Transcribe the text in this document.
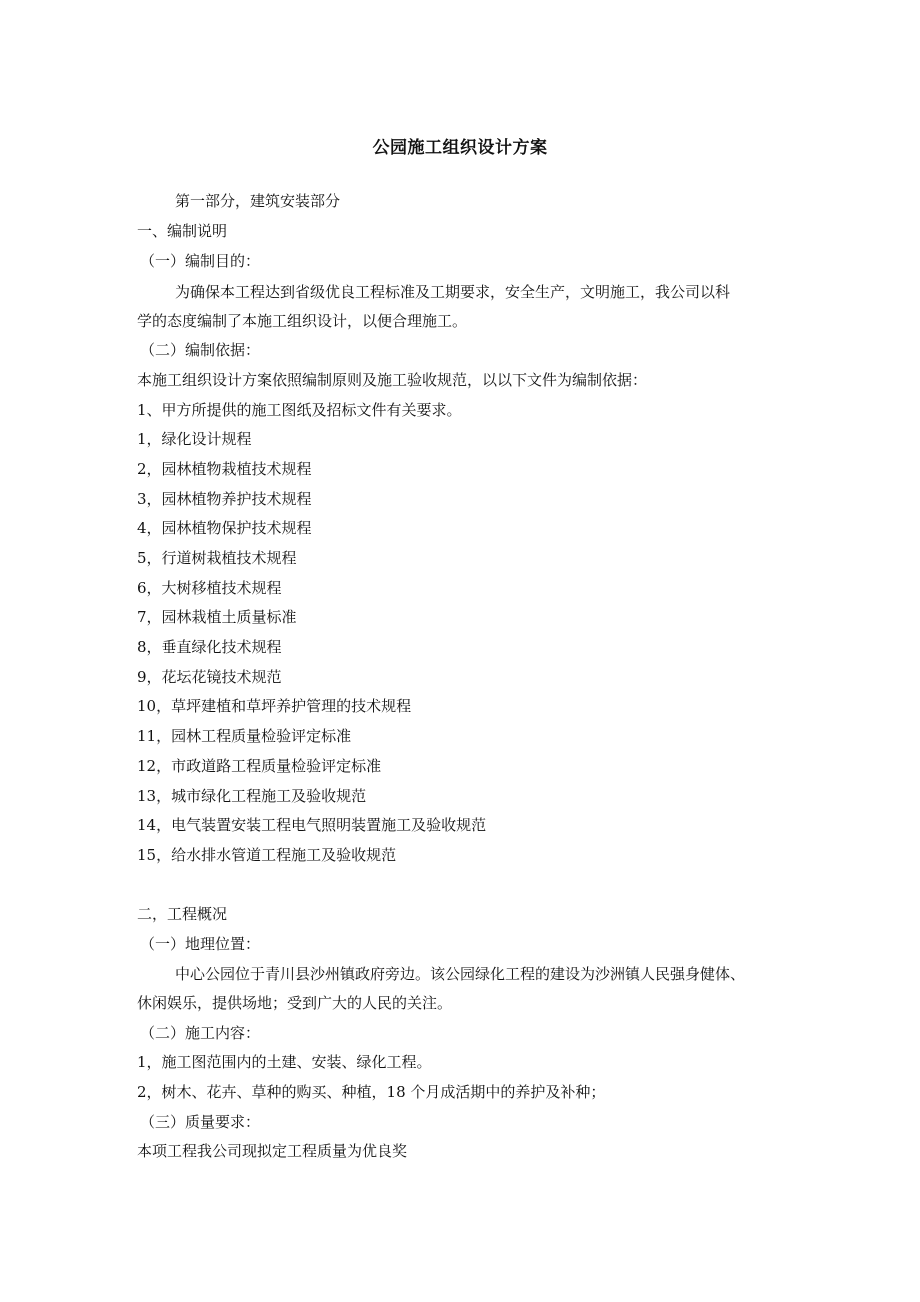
公园施工组织设计方案
第一部分，建筑安装部分
一、编制说明
（一）编制目的：
为确保本工程达到省级优良工程标准及工期要求，安全生产，文明施工，我公司以科
学的态度编制了本施工组织设计，以便合理施工。
（二）编制依据：
本施工组织设计方案依照编制原则及施工验收规范，以以下文件为编制依据：
1、甲方所提供的施工图纸及招标文件有关要求。
1，绿化设计规程
2，园林植物栽植技术规程
3，园林植物养护技术规程
4，园林植物保护技术规程
5，行道树栽植技术规程
6，大树移植技术规程
7，园林栽植土质量标准
8，垂直绿化技术规程
9，花坛花镜技术规范
10，草坪建植和草坪养护管理的技术规程
11，园林工程质量检验评定标准
12，市政道路工程质量检验评定标准
13，城市绿化工程施工及验收规范
14，电气装置安装工程电气照明装置施工及验收规范
15，给水排水管道工程施工及验收规范
二，工程概况
（一）地理位置：
中心公园位于青川县沙州镇政府旁边。该公园绿化工程的建设为沙洲镇人民强身健体、
休闲娱乐，提供场地；受到广大的人民的关注。
（二）施工内容：
1，施工图范围内的土建、安装、绿化工程。
2，树木、花卉、草种的购买、种植，18 个月成活期中的养护及补种；
（三）质量要求：
本项工程我公司现拟定工程质量为优良奖
